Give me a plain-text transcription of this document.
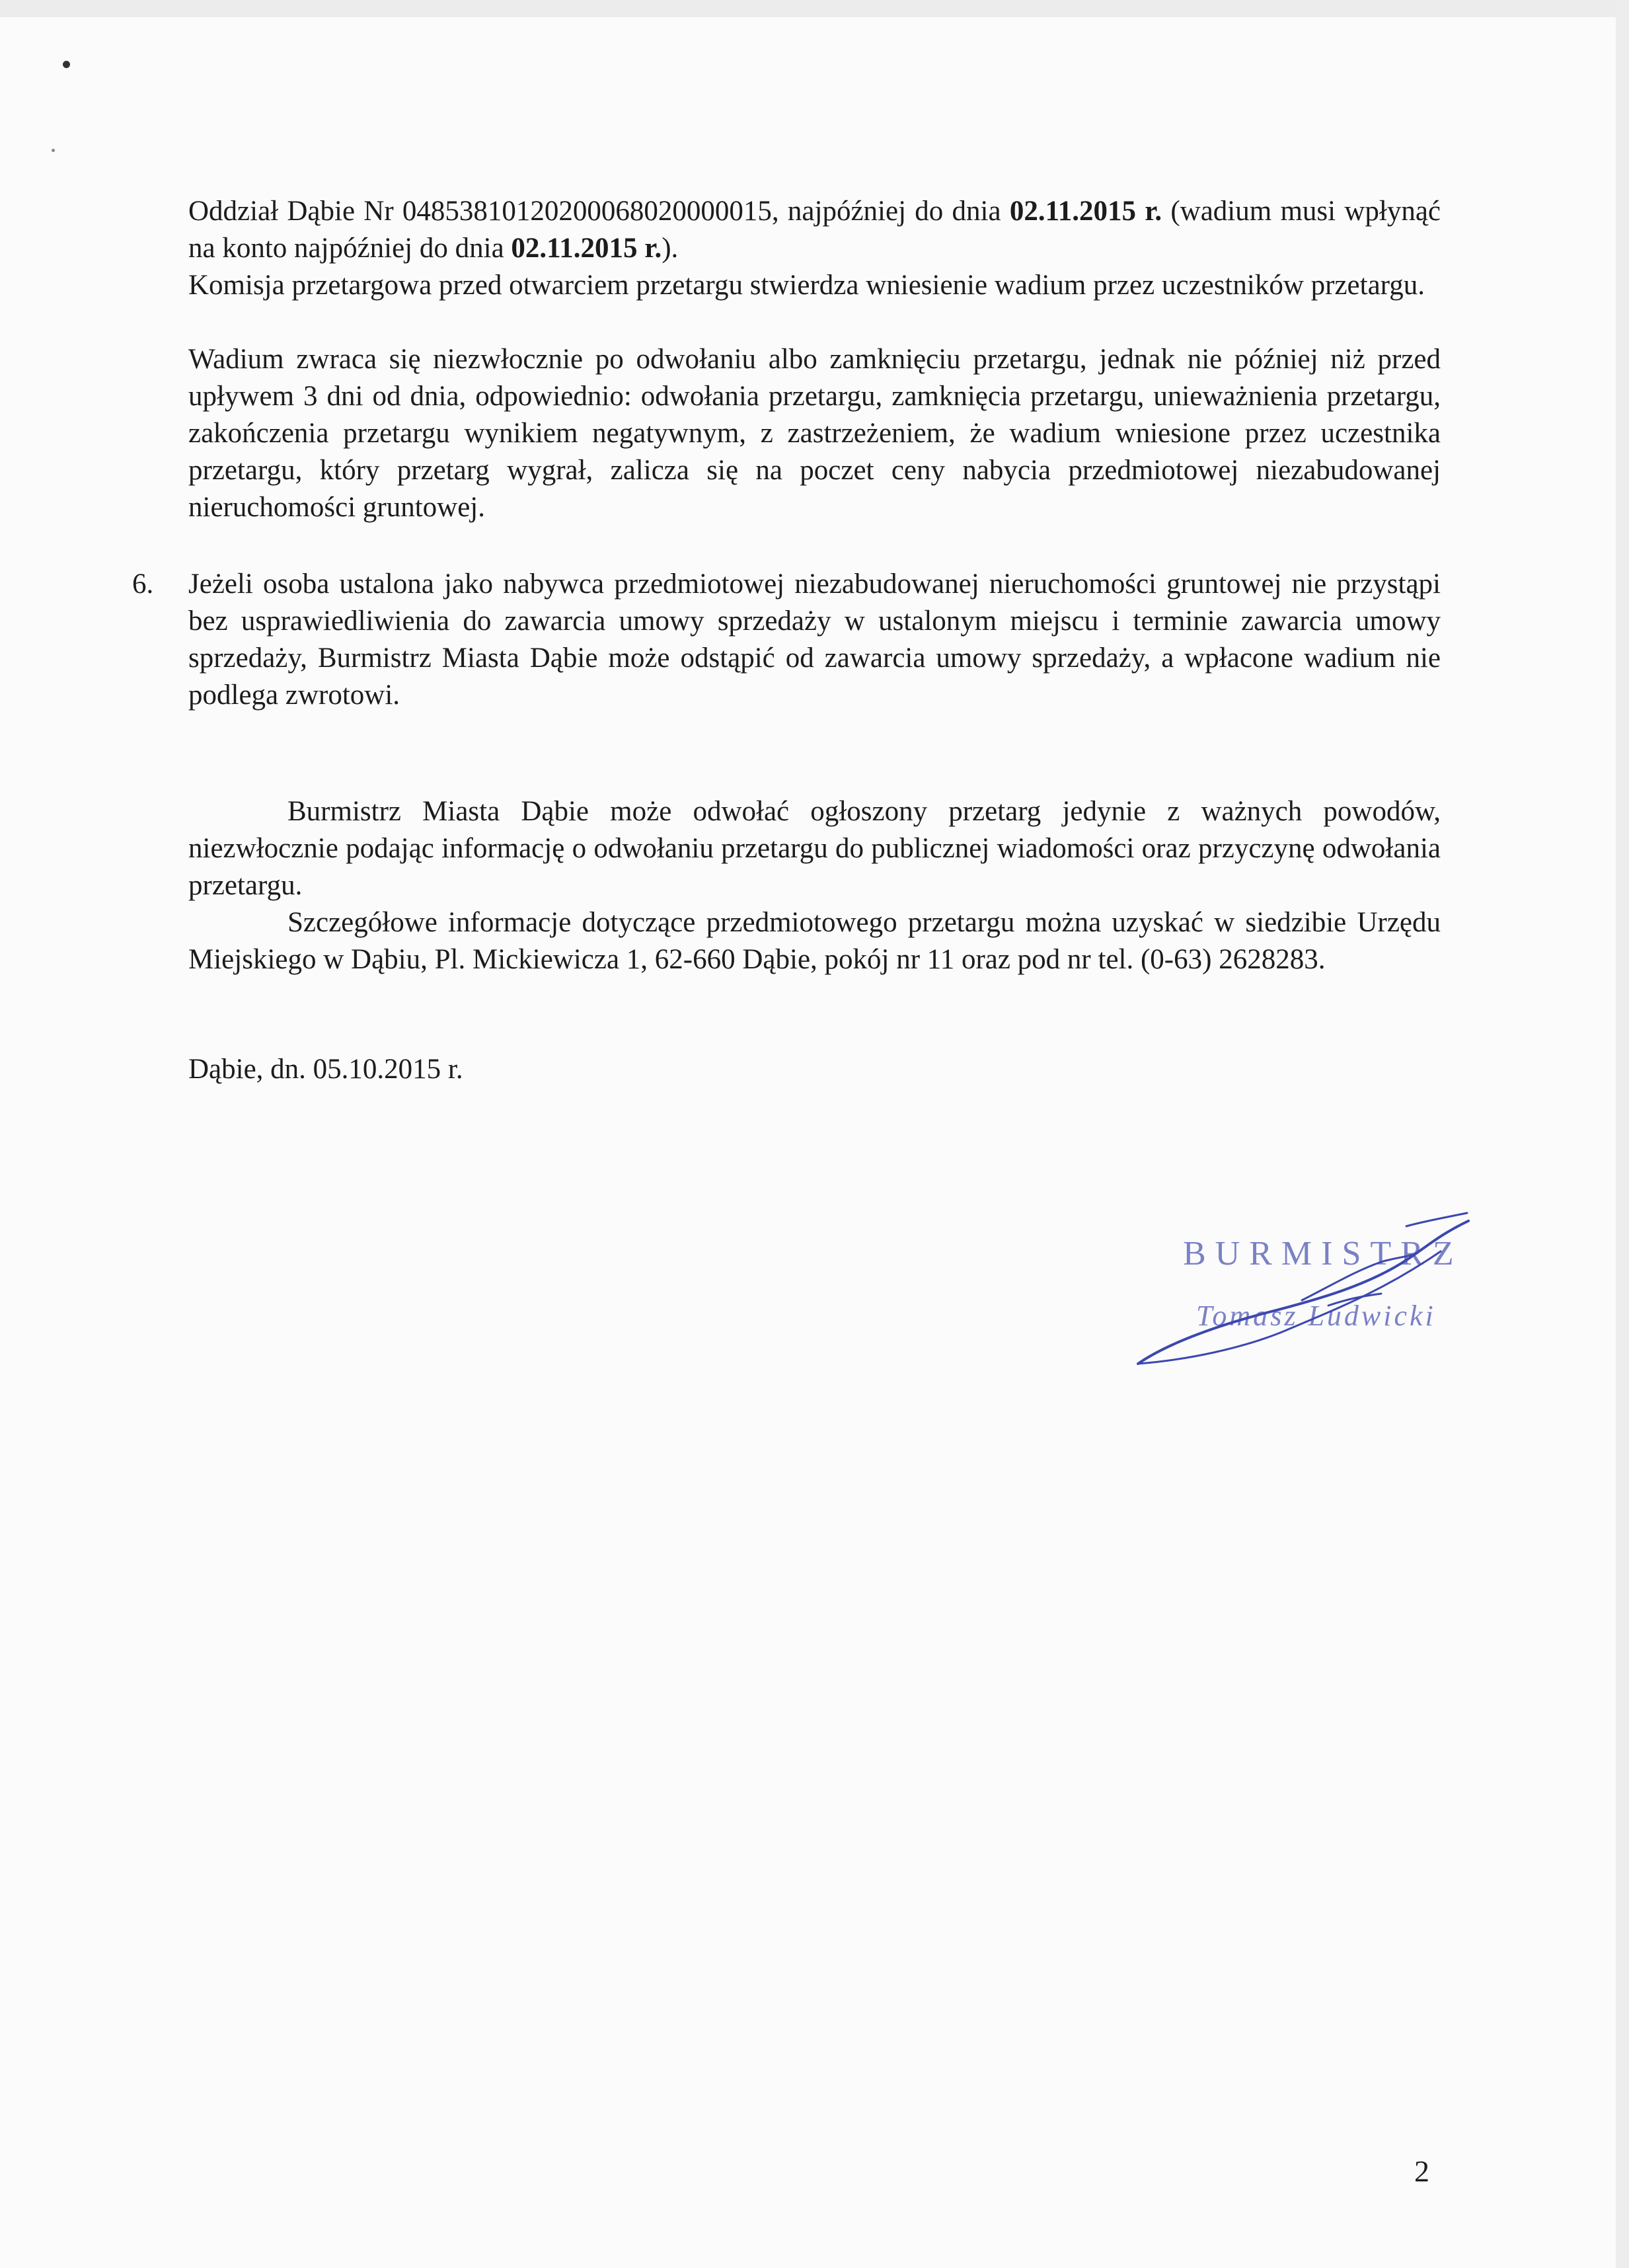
Oddział Dąbie Nr 04853810120200068020000015, najpóźniej do dnia 02.11.2015 r. (wadium musi wpłynąć na konto najpóźniej do dnia 02.11.2015 r.).
Komisja przetargowa przed otwarciem przetargu stwierdza wniesienie wadium przez uczestników przetargu.

Wadium zwraca się niezwłocznie po odwołaniu albo zamknięciu przetargu, jednak nie później niż przed upływem 3 dni od dnia, odpowiednio: odwołania przetargu, zamknięcia przetargu, unieważnienia przetargu, zakończenia przetargu wynikiem negatywnym, z zastrzeżeniem, że wadium wniesione przez uczestnika przetargu, który przetarg wygrał, zalicza się na poczet ceny nabycia przedmiotowej niezabudowanej nieruchomości gruntowej.

6. Jeżeli osoba ustalona jako nabywca przedmiotowej niezabudowanej nieruchomości gruntowej nie przystąpi bez usprawiedliwienia do zawarcia umowy sprzedaży w ustalonym miejscu i terminie zawarcia umowy sprzedaży, Burmistrz Miasta Dąbie może odstąpić od zawarcia umowy sprzedaży, a wpłacone wadium nie podlega zwrotowi.

Burmistrz Miasta Dąbie może odwołać ogłoszony przetarg jedynie z ważnych powodów, niezwłocznie podając informację o odwołaniu przetargu do publicznej wiadomości oraz przyczynę odwołania przetargu.

Szczegółowe informacje dotyczące przedmiotowego przetargu można uzyskać w siedzibie Urzędu Miejskiego w Dąbiu, Pl. Mickiewicza 1, 62-660 Dąbie, pokój nr 11 oraz pod nr tel. (0-63) 2628283.

Dąbie, dn. 05.10.2015 r.

BURMISTRZ
Tomasz Ludwicki
2
